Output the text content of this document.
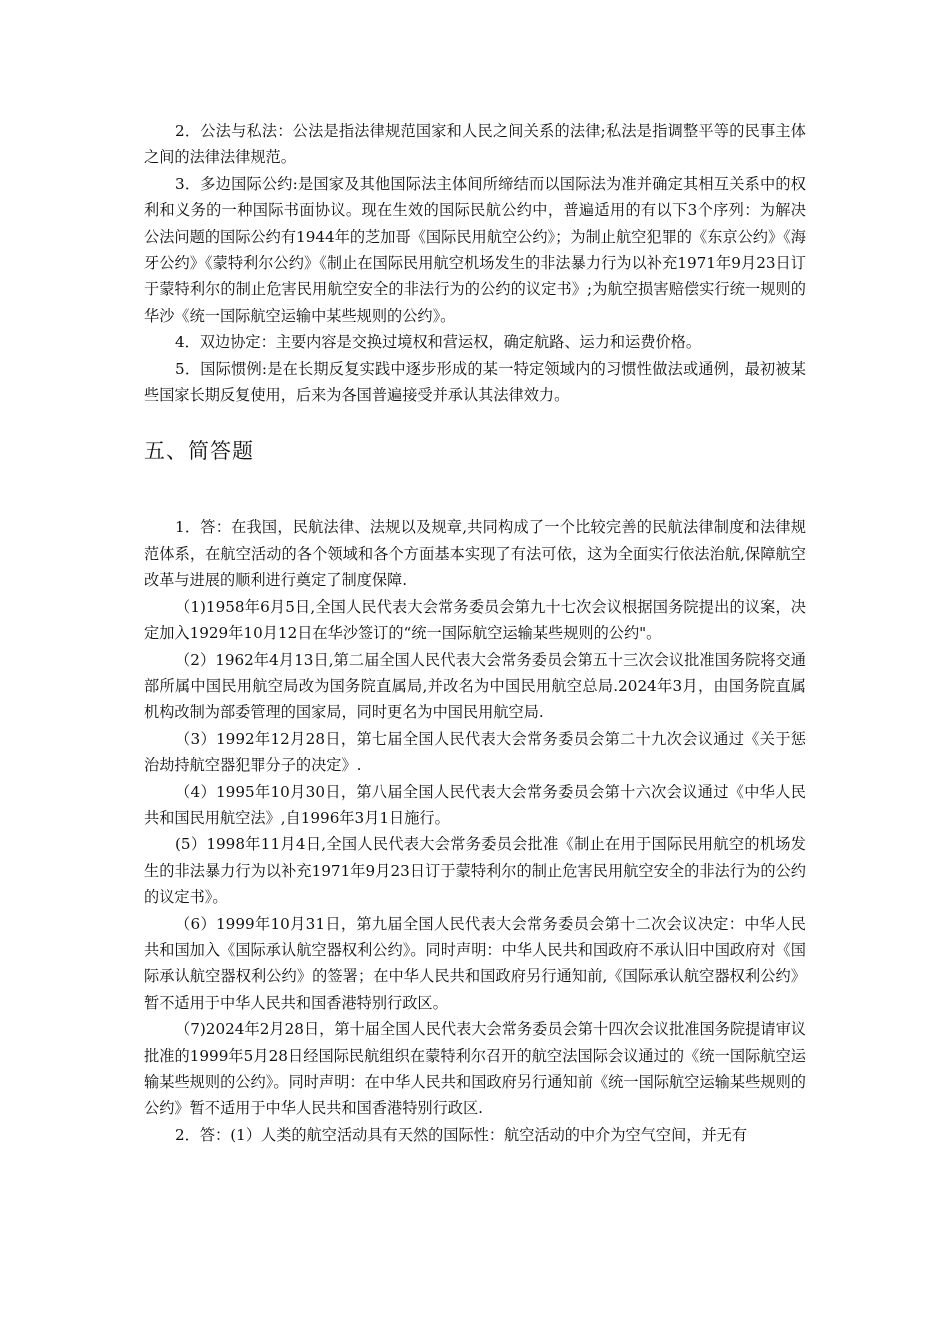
2．公法与私法：公法是指法律规范国家和人民之间关系的法律;私法是指调整平等的民事主体之间的法律法律规范。

3．多边国际公约:是国家及其他国际法主体间所缔结而以国际法为准并确定其相互关系中的权利和义务的一种国际书面协议。现在生效的国际民航公约中，普遍适用的有以下3个序列：为解决公法问题的国际公约有1944年的芝加哥《国际民用航空公约》；为制止航空犯罪的《东京公约》《海牙公约》《蒙特利尔公约》《制止在国际民用航空机场发生的非法暴力行为以补充1971年9月23日订于蒙特利尔的制止危害民用航空安全的非法行为的公约的议定书》;为航空损害赔偿实行统一规则的华沙《统一国际航空运输中某些规则的公约》。

4．双边协定：主要内容是交换过境权和营运权，确定航路、运力和运费价格。

5．国际惯例:是在长期反复实践中逐步形成的某一特定领域内的习惯性做法或通例，最初被某些国家长期反复使用，后来为各国普遍接受并承认其法律效力。

五、简答题

1．答：在我国，民航法律、法规以及规章,共同构成了一个比较完善的民航法律制度和法律规范体系，在航空活动的各个领域和各个方面基本实现了有法可依，这为全面实行依法治航,保障航空改革与进展的顺利进行奠定了制度保障.

（1)1958年6月5日,全国人民代表大会常务委员会第九十七次会议根据国务院提出的议案，决定加入1929年10月12日在华沙签订的“统一国际航空运输某些规则的公约"。

（2）1962年4月13日,第二届全国人民代表大会常务委员会第五十三次会议批准国务院将交通部所属中国民用航空局改为国务院直属局,并改名为中国民用航空总局.2024年3月，由国务院直属机构改制为部委管理的国家局，同时更名为中国民用航空局.

（3）1992年12月28日，第七届全国人民代表大会常务委员会第二十九次会议通过《关于惩治劫持航空器犯罪分子的决定》.

（4）1995年10月30日，第八届全国人民代表大会常务委员会第十六次会议通过《中华人民共和国民用航空法》,自1996年3月1日施行。

(5）1998年11月4日,全国人民代表大会常务委员会批准《制止在用于国际民用航空的机场发生的非法暴力行为以补充1971年9月23日订于蒙特利尔的制止危害民用航空安全的非法行为的公约的议定书》。

（6）1999年10月31日，第九届全国人民代表大会常务委员会第十二次会议决定：中华人民共和国加入《国际承认航空器权利公约》。同时声明：中华人民共和国政府不承认旧中国政府对《国际承认航空器权利公约》的签署；在中华人民共和国政府另行通知前,《国际承认航空器权利公约》暂不适用于中华人民共和国香港特别行政区。

（7)2024年2月28日，第十届全国人民代表大会常务委员会第十四次会议批准国务院提请审议批准的1999年5月28日经国际民航组织在蒙特利尔召开的航空法国际会议通过的《统一国际航空运输某些规则的公约》。同时声明：在中华人民共和国政府另行通知前《统一国际航空运输某些规则的公约》暂不适用于中华人民共和国香港特别行政区.

2．答：(1）人类的航空活动具有天然的国际性：航空活动的中介为空气空间，并无有
